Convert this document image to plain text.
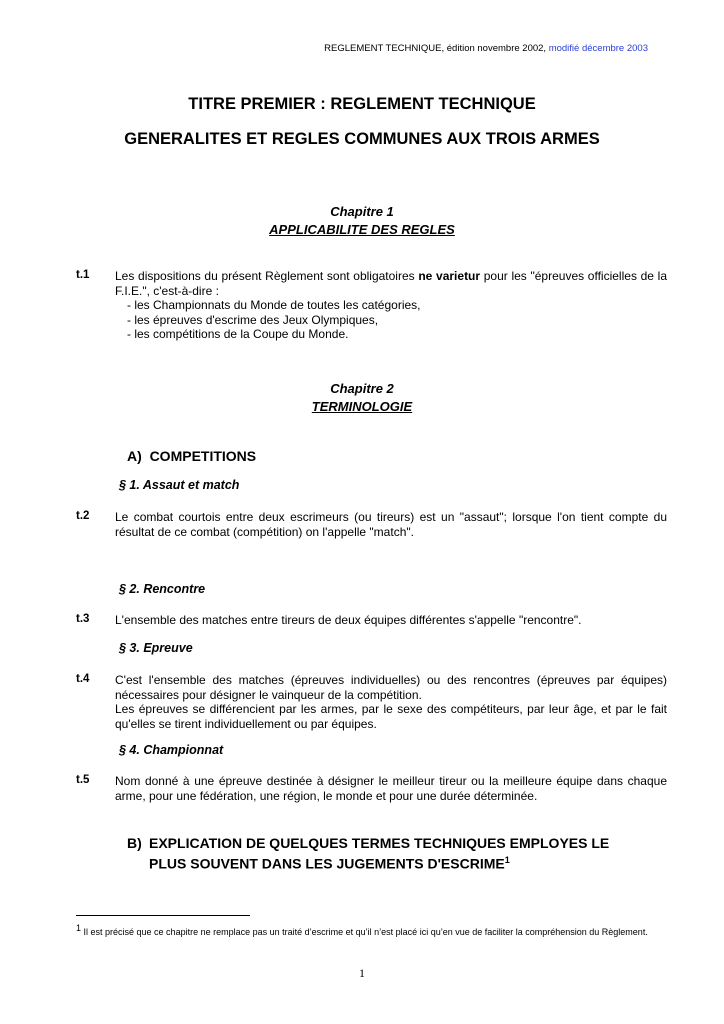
REGLEMENT TECHNIQUE, édition novembre 2002, modifié décembre 2003
TITRE PREMIER : REGLEMENT TECHNIQUE
GENERALITES ET REGLES COMMUNES AUX TROIS ARMES
Chapitre 1
APPLICABILITE DES REGLES
t.1 Les dispositions du présent Règlement sont obligatoires ne varietur pour les "épreuves officielles de la F.I.E.", c'est-à-dire :
- les Championnats du Monde de toutes les catégories,
- les épreuves d'escrime des Jeux Olympiques,
- les compétitions de la Coupe du Monde.
Chapitre 2
TERMINOLOGIE
A) COMPETITIONS
§ 1. Assaut et match
t.2 Le combat courtois entre deux escrimeurs (ou tireurs) est un "assaut"; lorsque l'on tient compte du résultat de ce combat (compétition) on l'appelle "match".
§ 2. Rencontre
t.3 L'ensemble des matches entre tireurs de deux équipes différentes s'appelle "rencontre".
§ 3. Epreuve
t.4 C'est l'ensemble des matches (épreuves individuelles) ou des rencontres (épreuves par équipes) nécessaires pour désigner le vainqueur de la compétition.
Les épreuves se différencient par les armes, par le sexe des compétiteurs, par leur âge, et par le fait qu'elles se tirent individuellement ou par équipes.
§ 4. Championnat
t.5 Nom donné à une épreuve destinée à désigner le meilleur tireur ou la meilleure équipe dans chaque arme, pour une fédération, une région, le monde et pour une durée déterminée.
B) EXPLICATION DE QUELQUES TERMES TECHNIQUES EMPLOYES LE
PLUS SOUVENT DANS LES JUGEMENTS D'ESCRIME$^1$
$^1$ Il est précisé que ce chapitre ne remplace pas un traité d’escrime et qu’il n’est placé ici qu’en vue de faciliter la compréhension du Règlement.
1
